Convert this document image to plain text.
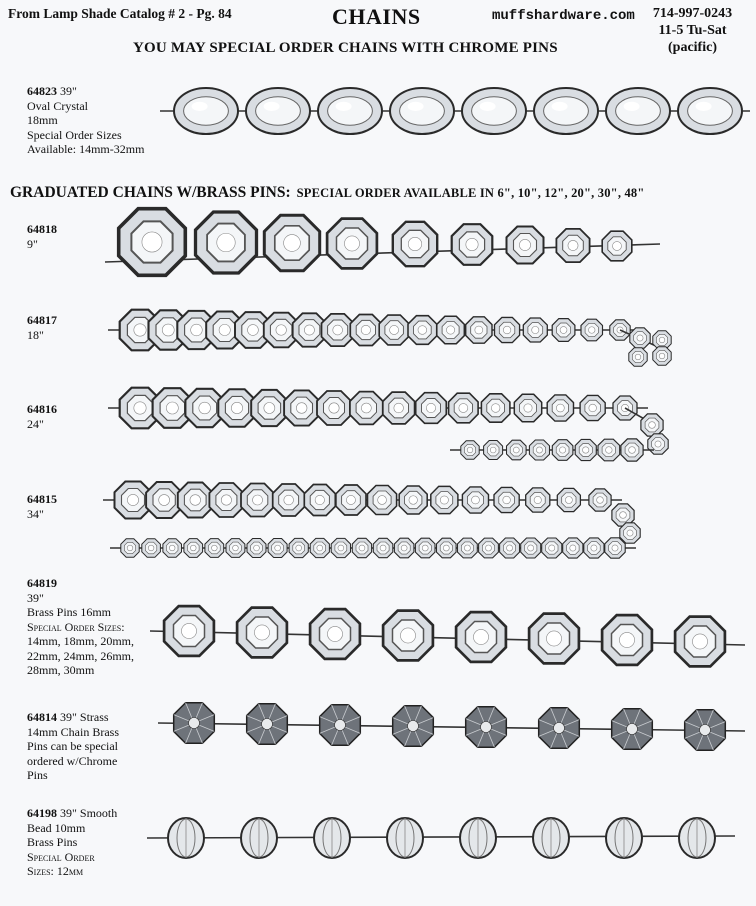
From Lamp Shade Catalog # 2 - Pg. 84	CHAINS
YOU MAY SPECIAL ORDER CHAINS WITH CHROME PINS
muffshardware.com	714-997-0243
11-5 Tu-Sat
(pacific)
GRADUATED CHAINS W/BRASS PINS: SPECIAL ORDER AVAILABLE IN 6", 10", 12", 20", 30", 48"
64823 39"
Oval Crystal
18mm
Special Order Sizes
Available: 14mm-32mm
64818
9"
64817
18"
64816
24"
64815
34"
64819
39"
Brass Pins 16mm
Special Order Sizes:
14mm, 18mm, 20mm,
22mm, 24mm, 26mm,
28mm, 30mm
64814 39" Strass
14mm Chain Brass
Pins can be special
ordered w/Chrome
Pins
64198 39" Smooth
Bead 10mm
Brass Pins
Special Order
Sizes: 12mm
